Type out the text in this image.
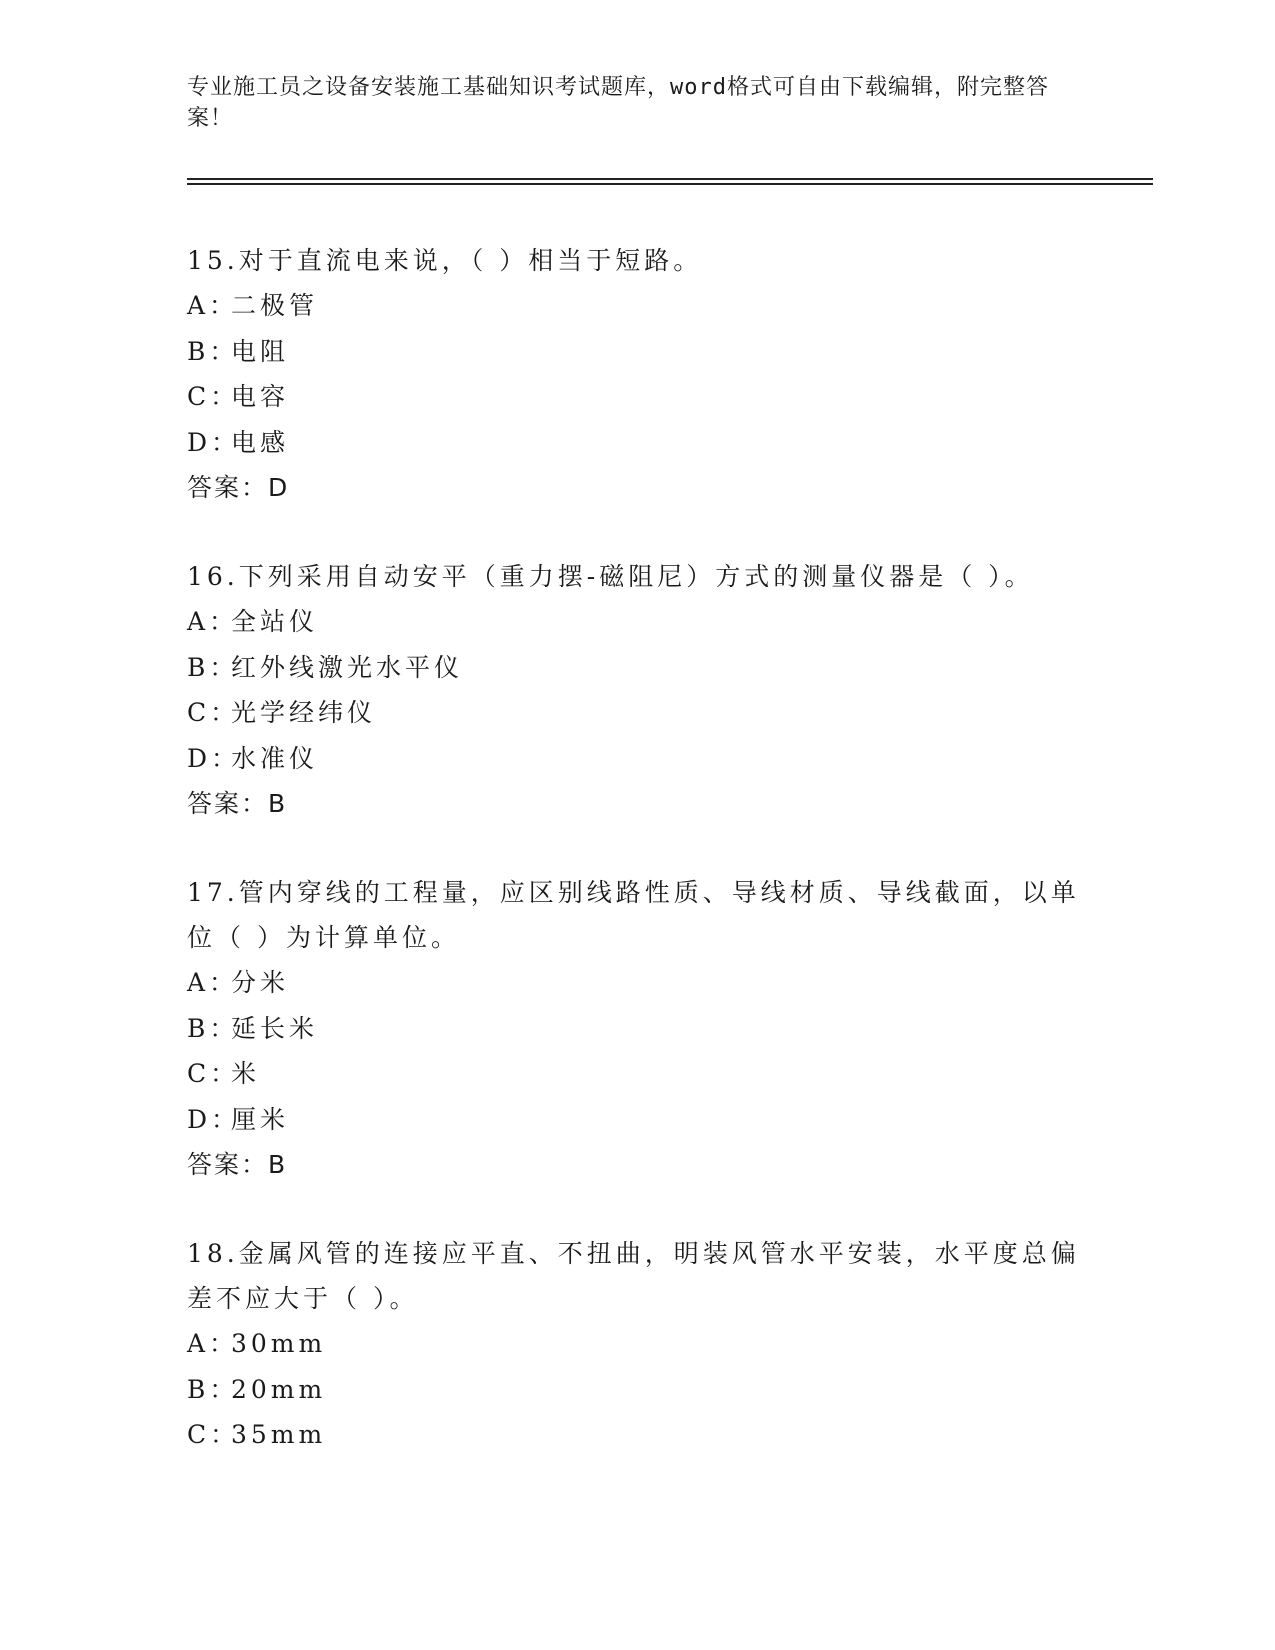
专业施工员之设备安装施工基础知识考试题库，word格式可自由下载编辑，附完整答案！

15.对于直流电来说，（ ）相当于短路。

A：
二极管
B：
电阻
C：
电容
D：
电感
答案：D

16.下列采用自动安平（重力摆-磁阻尼）方式的测量仪器是（ ）。

A：
全站仪
B：
红外线激光水平仪
C：
光学经纬仪
D：
水准仪
答案：B

17.管内穿线的工程量，应区别线路性质、导线材质、导线截面，以单位（ ）为计算单位。

A：
分米
B：
延长米
C：
米
D：
厘米
答案：B

18.金属风管的连接应平直、不扭曲，明装风管水平安装，水平度总偏差不应大于（ ）。

A：
30mm
B：
20mm
C：
35mm
